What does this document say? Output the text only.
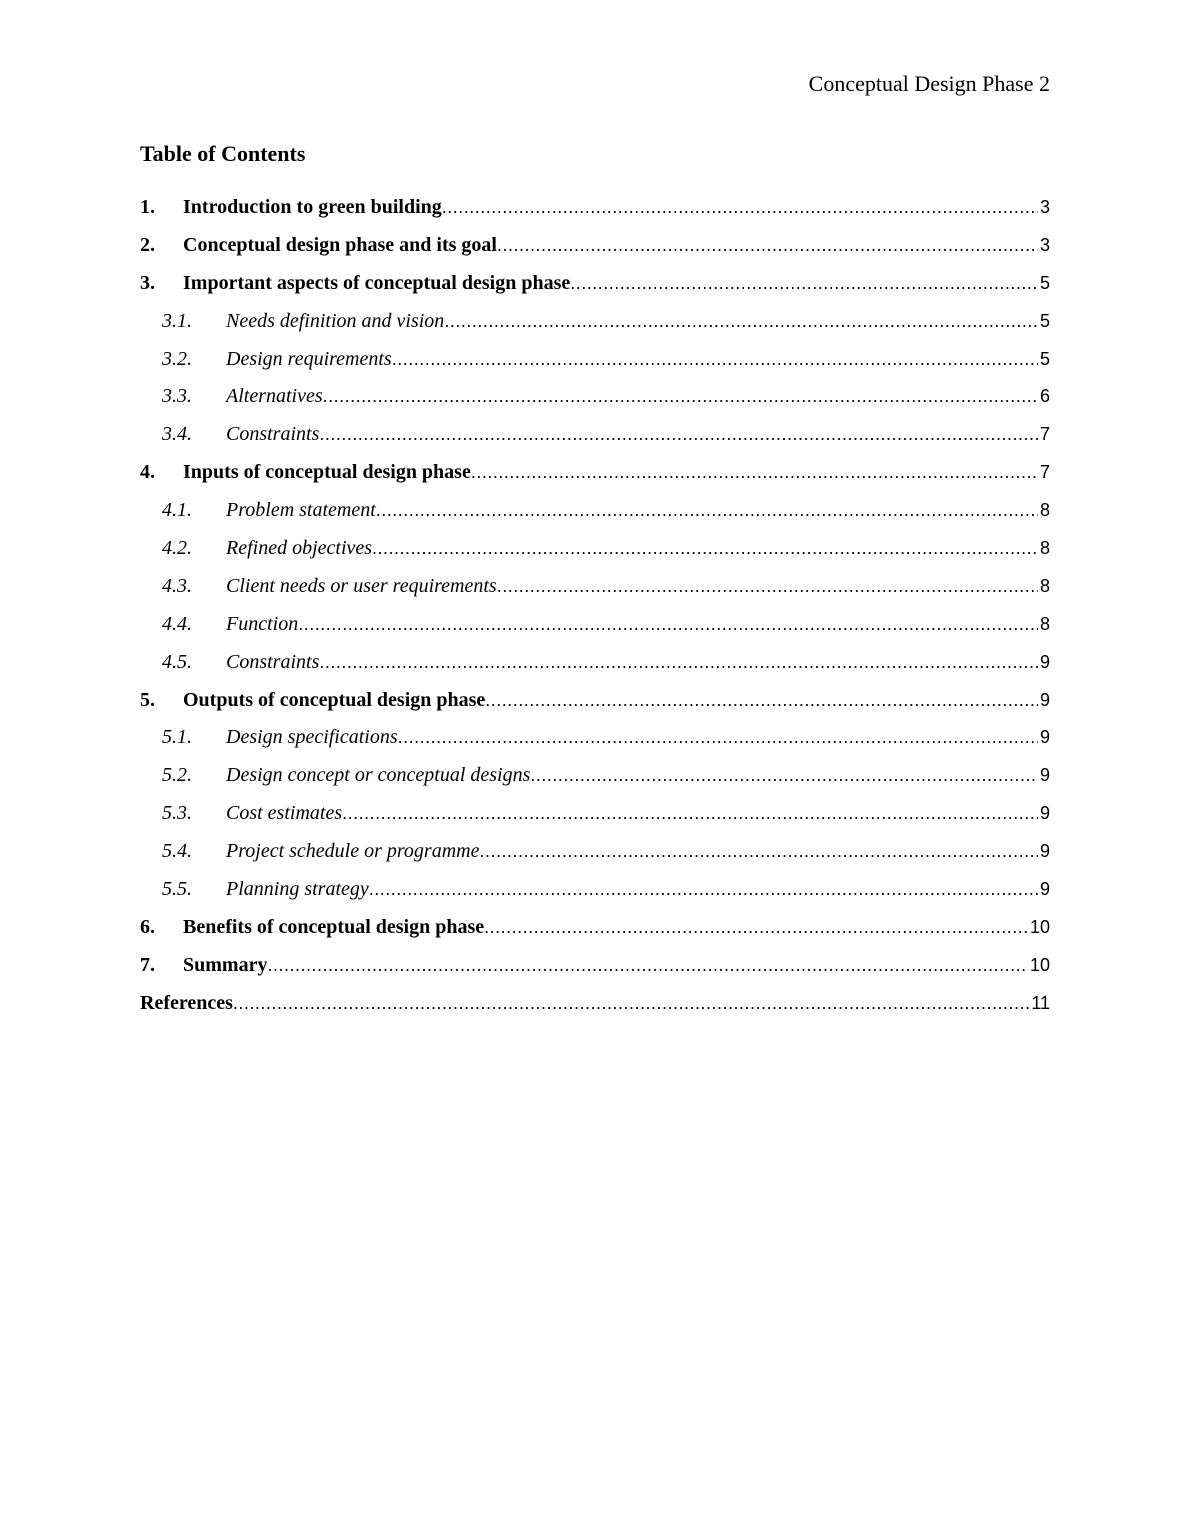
Conceptual Design Phase 2
Table of Contents
1.	Introduction to green building .....	3
2.	Conceptual design phase and its goal .....	3
3.	Important aspects of conceptual design phase .....	5
3.1.	Needs definition and vision .....	5
3.2.	Design requirements .....	5
3.3.	Alternatives .....	6
3.4.	Constraints .....	7
4.	Inputs of conceptual design phase .....	7
4.1.	Problem statement .....	8
4.2.	Refined objectives .....	8
4.3.	Client needs or user requirements .....	8
4.4.	Function .....	8
4.5.	Constraints .....	9
5.	Outputs of conceptual design phase .....	9
5.1.	Design specifications .....	9
5.2.	Design concept or conceptual designs .....	9
5.3.	Cost estimates .....	9
5.4.	Project schedule or programme .....	9
5.5.	Planning strategy .....	9
6.	Benefits of conceptual design phase .....	10
7.	Summary .....	10
References .....	11
